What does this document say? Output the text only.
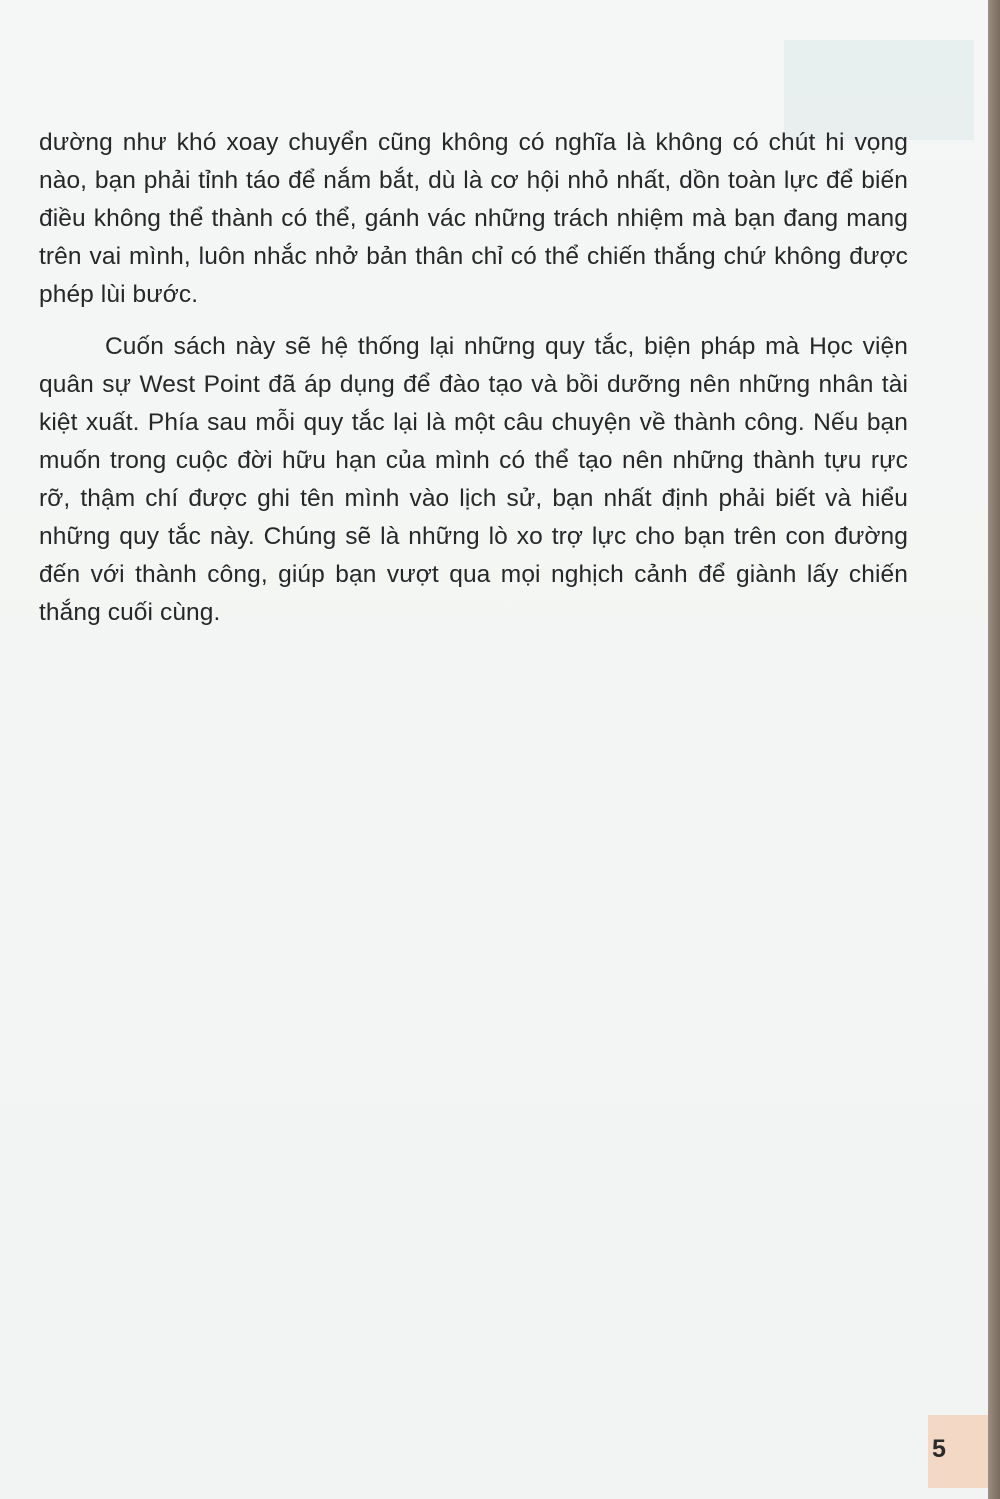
dường như khó xoay chuyển cũng không có nghĩa là không có chút hi vọng nào, bạn phải tỉnh táo để nắm bắt, dù là cơ hội nhỏ nhất, dồn toàn lực để biến điều không thể thành có thể, gánh vác những trách nhiệm mà bạn đang mang trên vai mình, luôn nhắc nhở bản thân chỉ có thể chiến thắng chứ không được phép lùi bước.

Cuốn sách này sẽ hệ thống lại những quy tắc, biện pháp mà Học viện quân sự West Point đã áp dụng để đào tạo và bồi dưỡng nên những nhân tài kiệt xuất. Phía sau mỗi quy tắc lại là một câu chuyện về thành công. Nếu bạn muốn trong cuộc đời hữu hạn của mình có thể tạo nên những thành tựu rực rỡ, thậm chí được ghi tên mình vào lịch sử, bạn nhất định phải biết và hiểu những quy tắc này. Chúng sẽ là những lò xo trợ lực cho bạn trên con đường đến với thành công, giúp bạn vượt qua mọi nghịch cảnh để giành lấy chiến thắng cuối cùng.

5
